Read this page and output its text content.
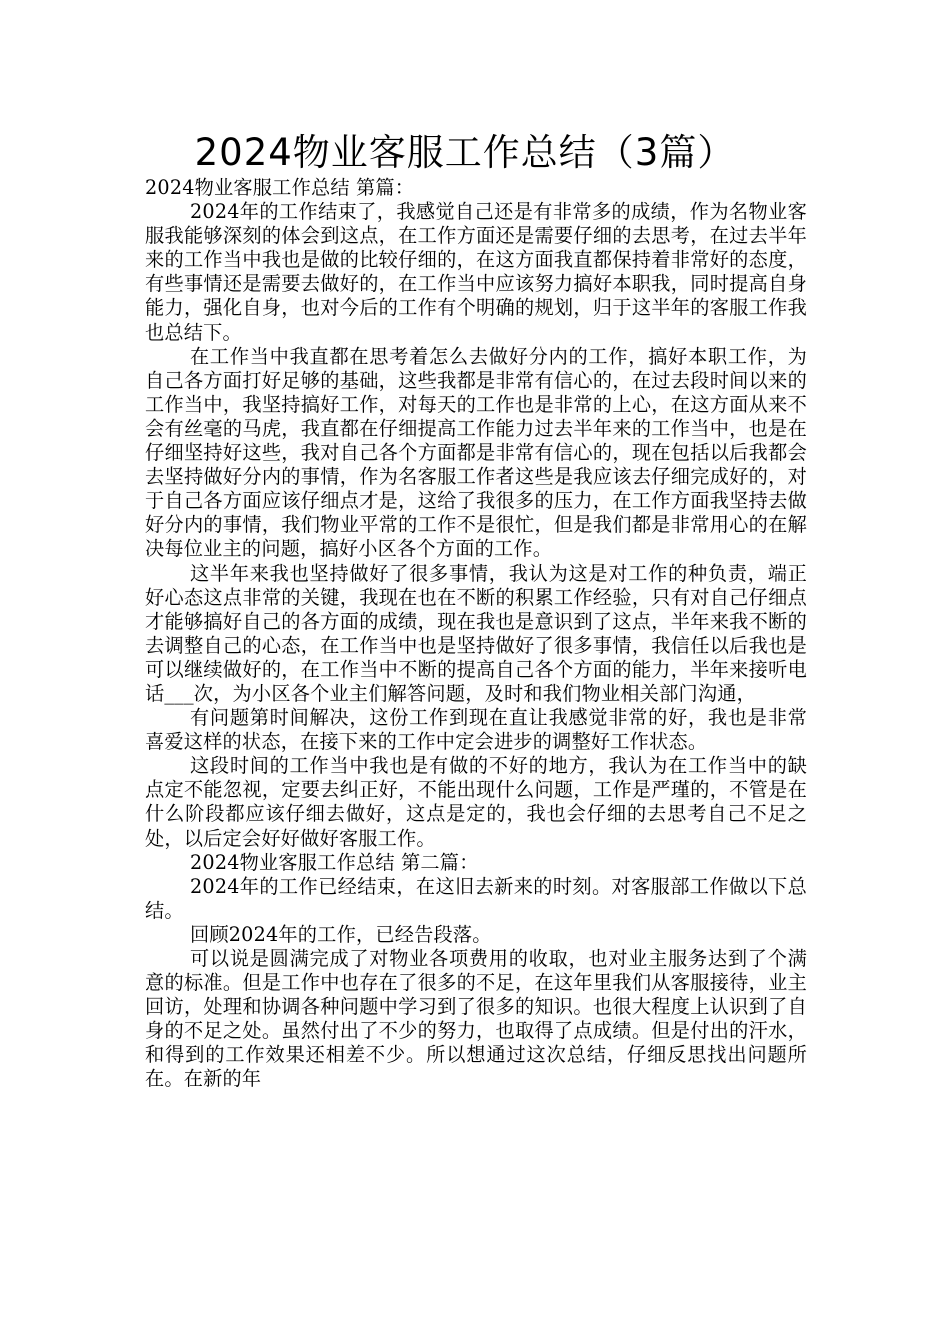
2024物业客服工作总结（3篇）

2024物业客服工作总结 第篇：

2024年的工作结束了，我感觉自己还是有非常多的成绩，作为名物业客服我能够深刻的体会到这点，在工作方面还是需要仔细的去思考，在过去半年来的工作当中我也是做的比较仔细的，在这方面我直都保持着非常好的态度，有些事情还是需要去做好的，在工作当中应该努力搞好本职我，同时提高自身能力，强化自身，也对今后的工作有个明确的规划，归于这半年的客服工作我也总结下。

在工作当中我直都在思考着怎么去做好分内的工作，搞好本职工作，为自己各方面打好足够的基础，这些我都是非常有信心的，在过去段时间以来的工作当中，我坚持搞好工作，对每天的工作也是非常的上心，在这方面从来不会有丝毫的马虎，我直都在仔细提高工作能力过去半年来的工作当中，也是在仔细坚持好这些，我对自己各个方面都是非常有信心的，现在包括以后我都会去坚持做好分内的事情，作为名客服工作者这些是我应该去仔细完成好的，对于自己各方面应该仔细点才是，这给了我很多的压力，在工作方面我坚持去做好分内的事情，我们物业平常的工作不是很忙，但是我们都是非常用心的在解决每位业主的问题，搞好小区各个方面的工作。

这半年来我也坚持做好了很多事情，我认为这是对工作的种负责，端正好心态这点非常的关键，我现在也在不断的积累工作经验，只有对自己仔细点才能够搞好自己的各方面的成绩，现在我也是意识到了这点，半年来我不断的去调整自己的心态，在工作当中也是坚持做好了很多事情，我信任以后我也是可以继续做好的，在工作当中不断的提高自己各个方面的能力，半年来接听电话___次，为小区各个业主们解答问题，及时和我们物业相关部门沟通，

有问题第时间解决，这份工作到现在直让我感觉非常的好，我也是非常喜爱这样的状态，在接下来的工作中定会进步的调整好工作状态。

这段时间的工作当中我也是有做的不好的地方，我认为在工作当中的缺点定不能忽视，定要去纠正好，不能出现什么问题，工作是严瑾的，不管是在什么阶段都应该仔细去做好，这点是定的，我也会仔细的去思考自己不足之处，以后定会好好做好客服工作。

2024物业客服工作总结 第二篇：

2024年的工作已经结束，在这旧去新来的时刻。对客服部工作做以下总结。

回顾2024年的工作，已经告段落。

可以说是圆满完成了对物业各项费用的收取，也对业主服务达到了个满意的标准。但是工作中也存在了很多的不足，在这年里我们从客服接待，业主回访，处理和协调各种问题中学习到了很多的知识。也很大程度上认识到了自身的不足之处。虽然付出了不少的努力，也取得了点成绩。但是付出的汗水，和得到的工作效果还相差不少。所以想通过这次总结，仔细反思找出问题所在。在新的年
